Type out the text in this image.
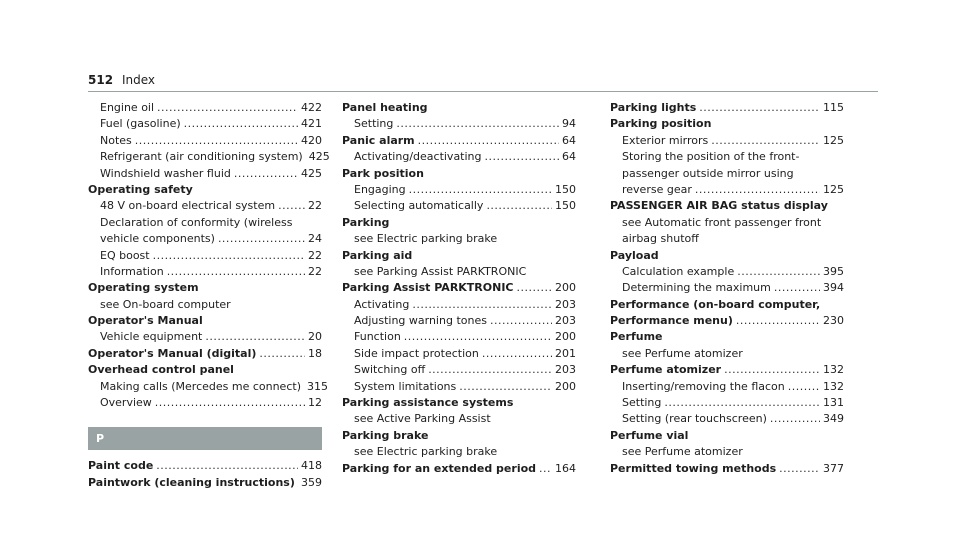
512 Index
Engine oil .....	422
Fuel (gasoline) .....	421
Notes .....	420
Refrigerant (air conditioning system) 425
Windshield washer fluid .....	425
Operating safety
48 V on-board electrical system .....	22
Declaration of conformity (wireless
vehicle components) .....	24
EQ boost .....	22
Information .....	22
Operating system
see On-board computer
Operator's Manual
Vehicle equipment .....	20
Operator's Manual (digital) .....	18
Overhead control panel
Making calls (Mercedes me connect) 315
Overview .....	12
P
Paint code .....	418
Paintwork (cleaning instructions) ..... 359
Panel heating
Setting .....	94
Panic alarm .....	64
Activating/deactivating .....	64
Park position
Engaging .....	150
Selecting automatically .....	150
Parking
see Electric parking brake
Parking aid
see Parking Assist PARKTRONIC
Parking Assist PARKTRONIC .....	200
Activating .....	203
Adjusting warning tones .....	203
Function .....	200
Side impact protection .....	201
Switching off .....	203
System limitations .....	200
Parking assistance systems
see Active Parking Assist
Parking brake
see Electric parking brake
Parking for an extended period ..... 164
Parking lights .....	115
Parking position
Exterior mirrors .....	125
Storing the position of the front-
passenger outside mirror using
reverse gear .....	125
PASSENGER AIR BAG status display
see Automatic front passenger front
airbag shutoff
Payload
Calculation example .....	395
Determining the maximum .....	394
Performance (on-board computer,
Performance menu) .....	230
Perfume
see Perfume atomizer
Perfume atomizer .....	132
Inserting/removing the flacon .....	132
Setting .....	131
Setting (rear touchscreen) .....	349
Perfume vial
see Perfume atomizer
Permitted towing methods .....	377
